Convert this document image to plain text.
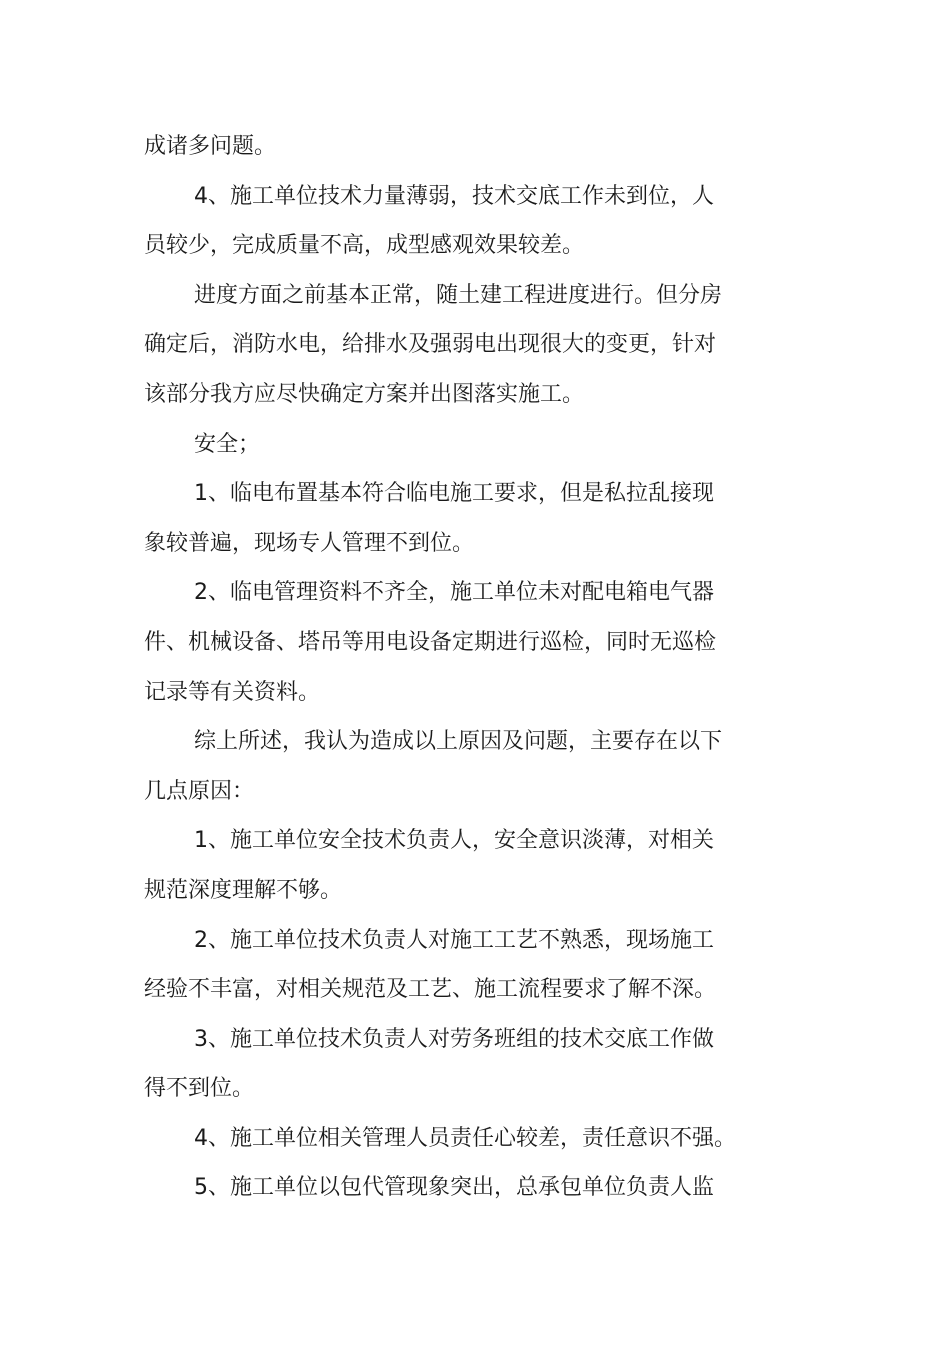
成诸多问题。
4、施工单位技术力量薄弱，技术交底工作未到位，人
员较少，完成质量不高，成型感观效果较差。
进度方面之前基本正常，随土建工程进度进行。但分房
确定后，消防水电，给排水及强弱电出现很大的变更，针对
该部分我方应尽快确定方案并出图落实施工。
安全；
1、临电布置基本符合临电施工要求，但是私拉乱接现
象较普遍，现场专人管理不到位。
2、临电管理资料不齐全，施工单位未对配电箱电气器
件、机械设备、塔吊等用电设备定期进行巡检，同时无巡检
记录等有关资料。
综上所述，我认为造成以上原因及问题，主要存在以下
几点原因：
1、施工单位安全技术负责人，安全意识淡薄，对相关
规范深度理解不够。
2、施工单位技术负责人对施工工艺不熟悉，现场施工
经验不丰富，对相关规范及工艺、施工流程要求了解不深。
3、施工单位技术负责人对劳务班组的技术交底工作做
得不到位。
4、施工单位相关管理人员责任心较差，责任意识不强。
5、施工单位以包代管现象突出，总承包单位负责人监
